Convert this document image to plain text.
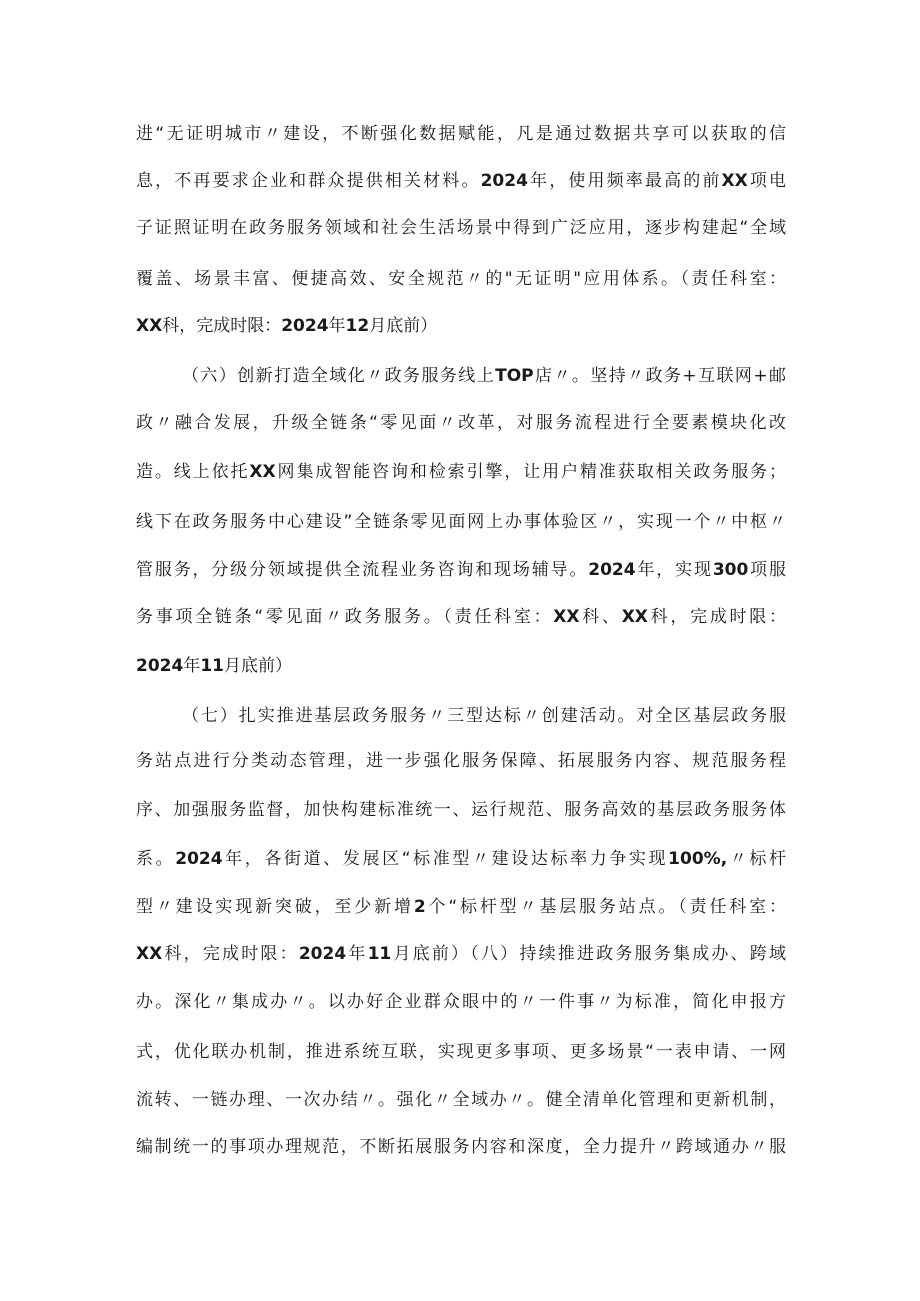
进“无证明城市〃建设，不断强化数据赋能，凡是通过数据共享可以获取的信
息，不再要求企业和群众提供相关材料。2024年，使用频率最高的前XX项电
子证照证明在政务服务领域和社会生活场景中得到广泛应用，逐步构建起“全域
覆盖、场景丰富、便捷高效、安全规范〃的"无证明"应用体系。（责任科室：
XX科，完成时限：2024年12月底前）
（六）创新打造全域化〃政务服务线上TOP店〃。坚持〃政务+互联网+邮
政〃融合发展，升级全链条“零见面〃改革，对服务流程进行全要素模块化改
造。线上依托XX网集成智能咨询和检索引擎，让用户精准获取相关政务服务；
线下在政务服务中心建设”全链条零见面网上办事体验区〃，实现一个〃中枢〃
管服务，分级分领域提供全流程业务咨询和现场辅导。2024年，实现300项服
务事项全链条“零见面〃政务服务。（责任科室：XX科、XX科，完成时限：
2024年11月底前）
（七）扎实推进基层政务服务〃三型达标〃创建活动。对全区基层政务服
务站点进行分类动态管理，进一步强化服务保障、拓展服务内容、规范服务程
序、加强服务监督，加快构建标准统一、运行规范、服务高效的基层政务服务体
系。2024年，各街道、发展区“标准型〃建设达标率力争实现100%,〃标杆
型〃建设实现新突破，至少新增2个“标杆型〃基层服务站点。（责任科室：
XX科，完成时限：2024年11月底前）（八）持续推进政务服务集成办、跨域
办。深化〃集成办〃。以办好企业群众眼中的〃一件事〃为标准，简化申报方
式，优化联办机制，推进系统互联，实现更多事项、更多场景“一表申请、一网
流转、一链办理、一次办结〃。强化〃全域办〃。健全清单化管理和更新机制，
编制统一的事项办理规范，不断拓展服务内容和深度，全力提升〃跨域通办〃服
